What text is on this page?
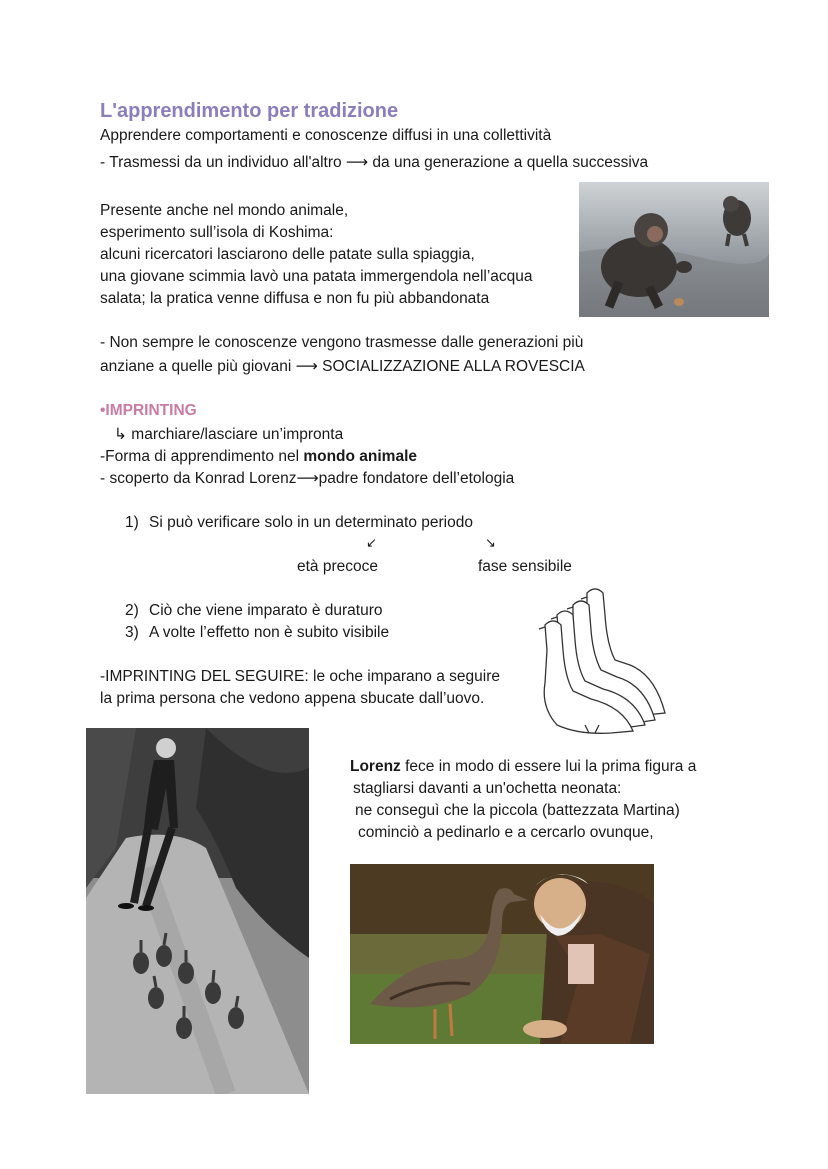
L'apprendimento per tradizione
Apprendere comportamenti e conoscenze diffusi in una collettività
- Trasmessi da un individuo all'altro ⟶ da una generazione a quella successiva
Presente anche nel mondo animale,
esperimento sull’isola di Koshima:
alcuni ricercatori lasciarono delle patate sulla spiaggia,
una giovane scimmia lavò una patata immergendola nell’acqua
salata; la pratica venne diffusa e non fu più abbandonata
- Non sempre le conoscenze vengono trasmesse dalle generazioni più
anziane a quelle più giovani ⟶ SOCIALIZZAZIONE ALLA ROVESCIA
•IMPRINTING
↳ marchiare/lasciare un’impronta
-Forma di apprendimento nel mondo animale
- scoperto da Konrad Lorenz⟶padre fondatore dell’etologia
1) Si può verificare solo in un determinato periodo
↙	↘
età precoce	fase sensibile
2) Ciò che viene imparato è duraturo
3) A volte l’effetto non è subito visibile
-IMPRINTING DEL SEGUIRE: le oche imparano a seguire
la prima persona che vedono appena sbucate dall’uovo.
Lorenz fece in modo di essere lui la prima figura a
stagliarsi davanti a un'ochetta neonata:
ne conseguì che la piccola (battezzata Martina)
cominciò a pedinarlo e a cercarlo ovunque,
